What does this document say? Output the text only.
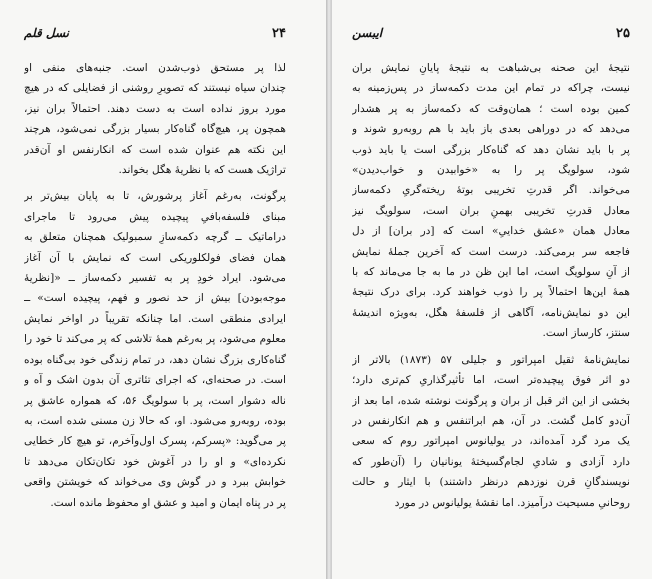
۲۴
نسل قلم
لذا پر مستحق ذوب‌شدن است. جنبه‌های منفی او
چندان سیاه نیستند که تصویرِ روشنی از فضایلی که در هیچ
مورد بروز نداده است به دست دهند. احتمالاً بران نیز،
همچون پر، هیچ‌گاه گناه‌کار بسیار بزرگی نمی‌شود، هرچند
این نکته هم عنوان شده است که انکارنفس او آن‌قدر
تراژیک هست که با نظریهٔ هگل بخواند.
پرگونت، به‌رغم آغاز پرشورش، تا به پایان بیش‌تر بر
مبنای فلسفه‌بافیِ پیچیده پیش می‌رود تا ماجرای
دراماتیک ــ گرچه دکمه‌سازِ سمبولیک همچنان متعلق به
همان فضای فولکلوریکی است که نمایش با آن آغاز
می‌شود. ایراد خودِ پر به تفسیر دکمه‌ساز ــ «[نظریهٔ
موجه‌بودن] بیش از حد نصور و فهم، پیچیده است» ــ
ایرادی منطقی است. اما چنانکه تقریباً در اواخر نمایش
معلوم می‌شود، پر به‌رغم همهٔ تلاشی که پر می‌کند تا خود را
گناه‌کاری بزرگ نشان دهد، در تمام زندگی خود بی‌گناه بوده
است. در صحنه‌ای، که اجرای تئاتری آن بدون اشک و آه و
ناله دشوار است، پر با سولویگ ۵۶، که همواره عاشق پر
بوده، روبه‌رو می‌شود. او، که حالا زن مسنی شده است، به
پر می‌گوید: «پسرکم، پسرک اول‌وآخرم، تو هیچ کار خطایی
نکرده‌ای» و او را در آغوش خود تکان‌تکان می‌دهد تا
خوابش ببرد و در گوش وی می‌خواند که خویشتن واقعی
پر در پناه ایمان و امید و عشق او محفوظ مانده است.
۲۵
ایبسن
نتیجهٔ این صحنه بی‌شباهت به نتیجهٔ پایانِ نمایش بران
نیست، چراکه در تمام این مدت دکمه‌ساز در پس‌زمینه به
کمین بوده است ؛ همان‌وقت که دکمه‌ساز به پر هشدار
می‌دهد که در دوراهی بعدی باز باید با هم روبه‌رو شوند و
پر با باید نشان دهد که گناه‌کار بزرگی است یا باید ذوب
شود، سولویگ پر را به «خوابیدن و خواب‌دیدن»
می‌خواند. اگر قدرتِ تخریبی بوتهٔ ریخته‌گریِ دکمه‌ساز
معادل قدرتِ تخریبی بهمنِ بران است، سولویگ نیز
معادل همان «عشق خداییِ» است که [در بران] از دل
فاجعه سر برمی‌کند. درست است که آخرین جملهٔ نمایش
از آنِ سولویگ است، اما این ظن در ما به جا می‌ماند که با
همهٔ این‌ها احتمالاً پر را ذوب خواهند کرد. برای درک نتیجهٔ
این دو نمایش‌نامه، آگاهی از فلسفهٔ هگل، به‌ویژه اندیشهٔ
سنتز، کارساز است.
نمایش‌نامهٔ ثقیل امپراتور و جلیلی ۵۷ (۱۸۷۳) بالاتر از
دو اثر فوق پیچیده‌تر است، اما تأثیرگذاریِ کم‌تری دارد؛
بخشی از این اثر قبل از بران و پرگونت نوشته شده، اما بعد از
آن‌دو کامل گشت. در آن، هم ابراتنفس و هم انکارنفس در
یک مرد گرد آمده‌اند، در یولیانوس امپراتور روم که سعی
دارد آزادی و شادیِ لجام‌گسیختهٔ یونانیان را (آن‌طور که
نویسندگانِ قرن نوزدهم درنظر داشتند) با ایثار و حالت
روحانیِ مسیحیت درآمیزد. اما نقشهٔ یولیانوس در مورد
